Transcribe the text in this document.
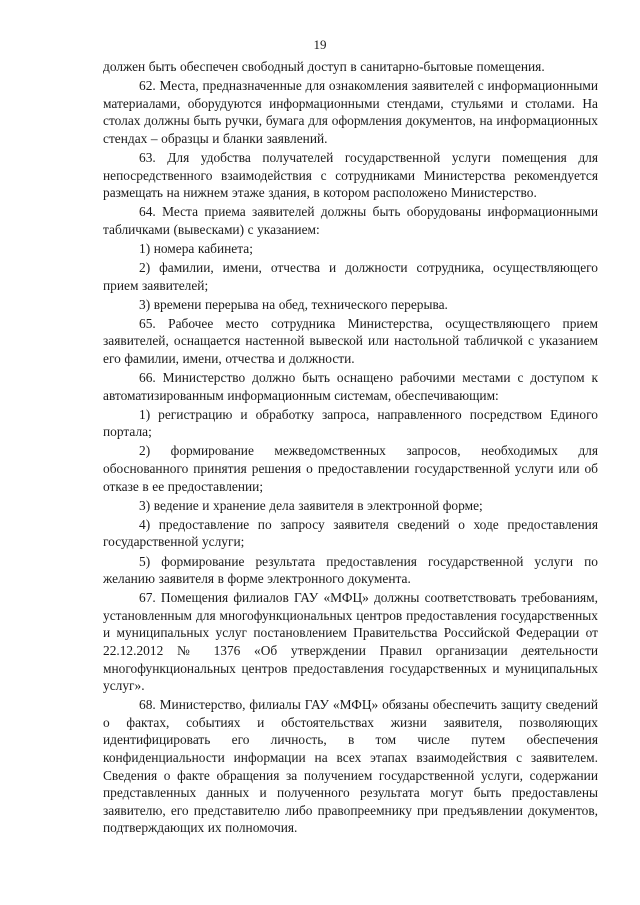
19

должен быть обеспечен свободный доступ в санитарно-бытовые помещения.

62. Места, предназначенные для ознакомления заявителей с информационными материалами, оборудуются информационными стендами, стульями и столами. На столах должны быть ручки, бумага для оформления документов, на информационных стендах – образцы и бланки заявлений.

63. Для удобства получателей государственной услуги помещения для непосредственного взаимодействия с сотрудниками Министерства рекомендуется размещать на нижнем этаже здания, в котором расположено Министерство.

64. Места приема заявителей должны быть оборудованы информационными табличками (вывесками) с указанием:

1) номера кабинета;

2) фамилии, имени, отчества и должности сотрудника, осуществляющего прием заявителей;

3) времени перерыва на обед, технического перерыва.

65. Рабочее место сотрудника Министерства, осуществляющего прием заявителей, оснащается настенной вывеской или настольной табличкой с указанием его фамилии, имени, отчества и должности.

66. Министерство должно быть оснащено рабочими местами с доступом к автоматизированным информационным системам, обеспечивающим:

1) регистрацию и обработку запроса, направленного посредством Единого портала;

2) формирование межведомственных запросов, необходимых для обоснованного принятия решения о предоставлении государственной услуги или об отказе в ее предоставлении;

3) ведение и хранение дела заявителя в электронной форме;

4) предоставление по запросу заявителя сведений о ходе предоставления государственной услуги;

5) формирование результата предоставления государственной услуги по желанию заявителя в форме электронного документа.

67. Помещения филиалов ГАУ «МФЦ» должны соответствовать требованиям, установленным для многофункциональных центров предоставления государственных и муниципальных услуг постановлением Правительства Российской Федерации от 22.12.2012 № 1376 «Об утверждении Правил организации деятельности многофункциональных центров предоставления государственных и муниципальных услуг».

68. Министерство, филиалы ГАУ «МФЦ» обязаны обеспечить защиту сведений о фактах, событиях и обстоятельствах жизни заявителя, позволяющих идентифицировать его личность, в том числе путем обеспечения конфиденциальности информации на всех этапах взаимодействия с заявителем. Сведения о факте обращения за получением государственной услуги, содержании представленных данных и полученного результата могут быть предоставлены заявителю, его представителю либо правопреемнику при предъявлении документов, подтверждающих их полномочия.
